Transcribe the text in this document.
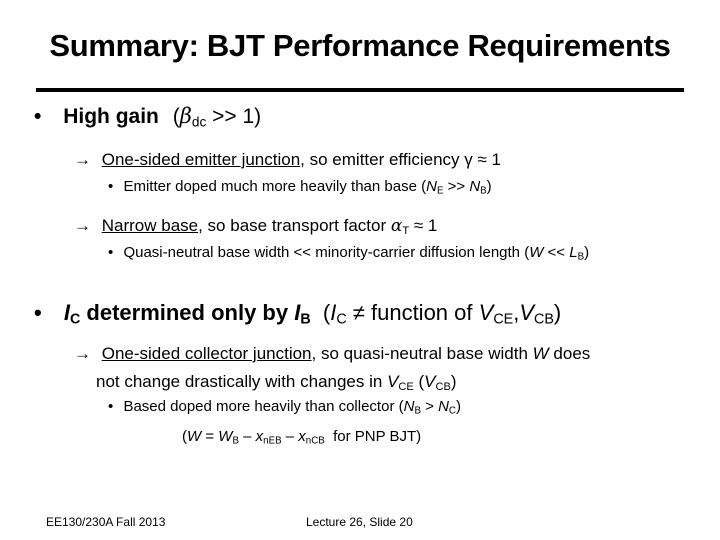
Summary: BJT Performance Requirements
• High gain $(\beta_{dc} >> 1)$
→ One-sided emitter junction, so emitter efficiency γ ≈ 1
• Emitter doped much more heavily than base $(N_E >> N_B)$
→ Narrow base, so base transport factor $\alpha_T \approx 1$
• Quasi-neutral base width << minority-carrier diffusion length $(W << L_B)$
• $I_C$ determined only by $I_B$  ($I_C$ ≠ function of $V_{CE},V_{CB}$)
→ One-sided collector junction, so quasi-neutral base width W does
not change drastically with changes in $V_{CE}$ $(V_{CB})$
• Based doped more heavily than collector $(N_B > N_C)$
($W = W_B - x_{nEB} - x_{nCB}$  for PNP BJT)
EE130/230A Fall 2013	Lecture 26, Slide 20
